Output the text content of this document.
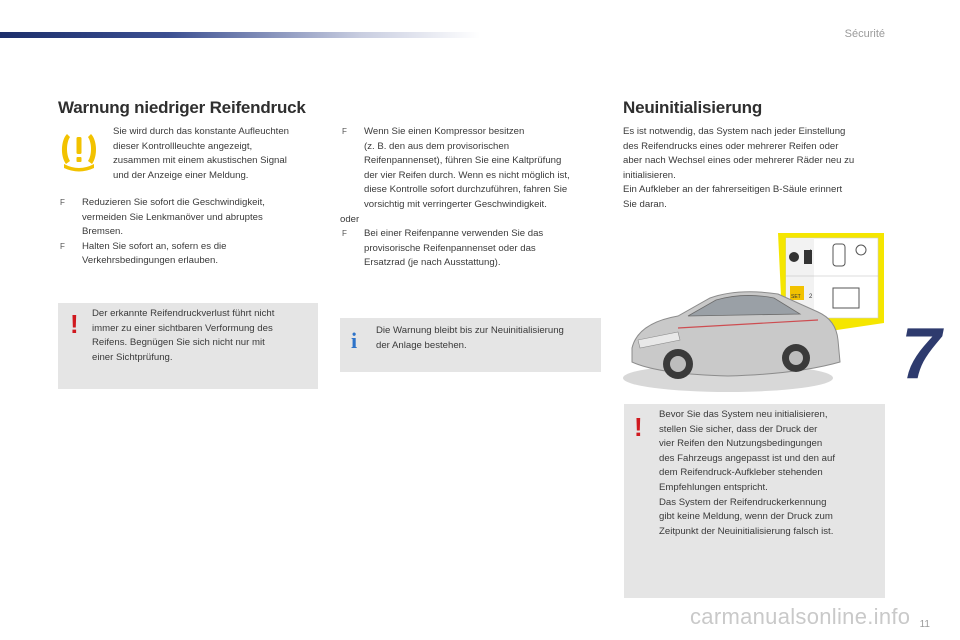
Sécurité
Warnung niedriger Reifendruck
Sie wird durch das konstante Aufleuchten
dieser Kontrollleuchte angezeigt,
zusammen mit einem akustischen Signal
und der Anzeige einer Meldung.
F Reduzieren Sie sofort die Geschwindigkeit,
vermeiden Sie Lenkmanöver und abruptes
Bremsen.
F Halten Sie sofort an, sofern es die
Verkehrsbedingungen erlauben.
! Der erkannte Reifendruckverlust führt nicht
immer zu einer sichtbaren Verformung des
Reifens. Begnügen Sie sich nicht nur mit
einer Sichtprüfung.
F Wenn Sie einen Kompressor besitzen
(z. B. den aus dem provisorischen
Reifenpannenset), führen Sie eine Kaltprüfung
der vier Reifen durch. Wenn es nicht möglich ist,
diese Kontrolle sofort durchzuführen, fahren Sie
vorsichtig mit verringerter Geschwindigkeit.
oder
F Bei einer Reifenpanne verwenden Sie das
provisorische Reifenpannenset oder das
Ersatzrad (je nach Ausstattung).
i Die Warnung bleibt bis zur Neuinitialisierung
der Anlage bestehen.
Neuinitialisierung
Es ist notwendig, das System nach jeder Einstellung
des Reifendrucks eines oder mehrerer Reifen oder
aber nach Wechsel eines oder mehrerer Räder neu zu
initialisieren.
Ein Aufkleber an der fahrerseitigen B-Säule erinnert
Sie daran.
1
2
SET
! Bevor Sie das System neu initialisieren,
stellen Sie sicher, dass der Druck der
vier Reifen den Nutzungsbedingungen
des Fahrzeugs angepasst ist und den auf
dem Reifendruck-Aufkleber stehenden
Empfehlungen entspricht.
Das System der Reifendruckerkennung
gibt keine Meldung, wenn der Druck zum
Zeitpunkt der Neuinitialisierung falsch ist.
7
11
carmanualsonline.info
